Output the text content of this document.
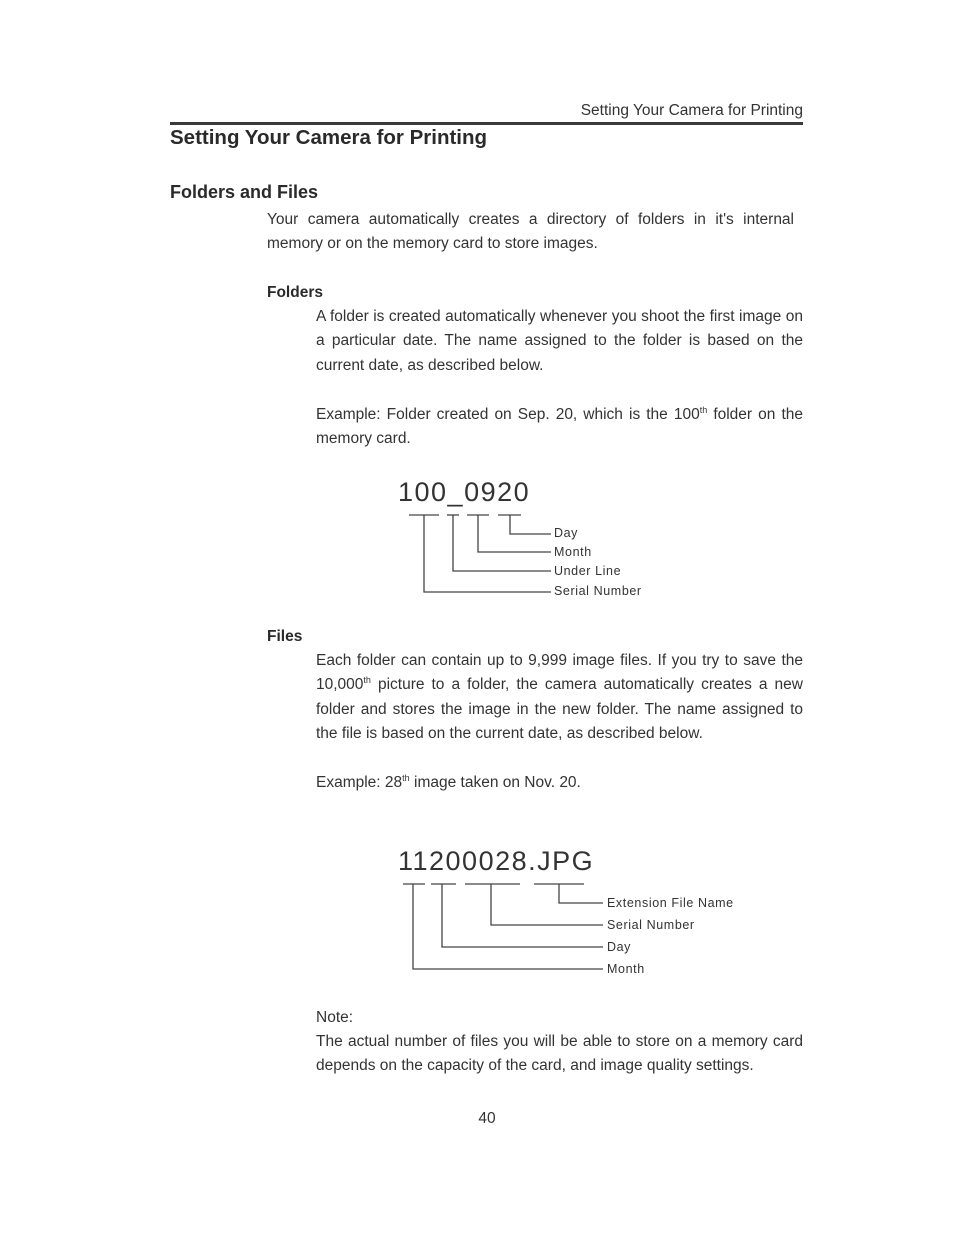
Setting Your Camera for Printing
Setting Your Camera for Printing
Folders and Files
Your camera automatically creates a directory of folders in it's internal memory or on the memory card to store images.
Folders
A folder is created automatically whenever you shoot the first image on a particular date. The name assigned to the folder is based on the current date, as described below.
Example: Folder created on Sep. 20, which is the 100th folder on the memory card.
100_0920
Day
Month
Under Line
Serial Number
Files
Each folder can contain up to 9,999 image files. If you try to save the 10,000th picture to a folder, the camera automatically creates a new folder and stores the image in the new folder. The name assigned to the file is based on the current date, as described below.
Example: 28th image taken on Nov. 20.
11200028.JPG
Extension File Name
Serial Number
Day
Month
Note:
The actual number of files you will be able to store on a memory card depends on the capacity of the card, and image quality settings.
40
